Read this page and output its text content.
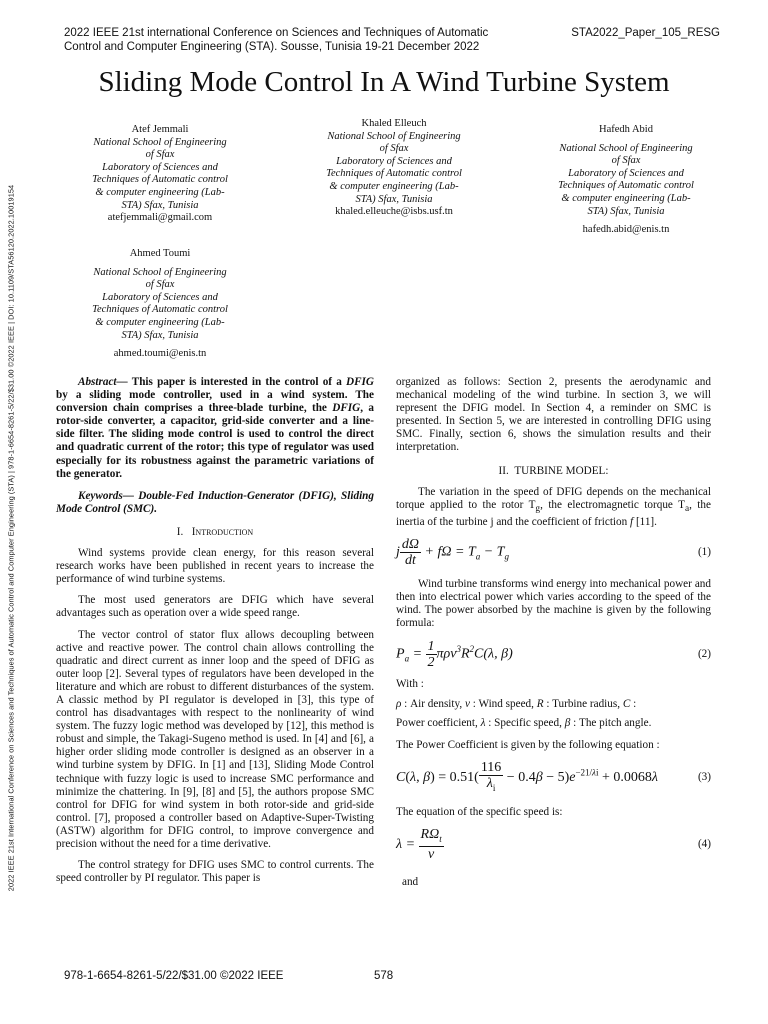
2022 IEEE 21st international Conference on Sciences and Techniques of Automatic
Control and Computer Engineering (STA). Sousse, Tunisia 19-21 December 2022
STA2022_Paper_105_RESG
Sliding Mode Control In A Wind Turbine System
2022 IEEE 21st International Conference on Sciences and Techniques of Automatic Control and Computer Engineering (STA) | 978-1-6654-8261-5/22/$31.00 ©2022 IEEE | DOI: 10.1109/STA56120.2022.10019154
Atef Jemmali
National School of Engineering
of Sfax
Laboratory of Sciences and
Techniques of Automatic control
& computer engineering (Lab-
STA) Sfax, Tunisia
atefjemmali@gmail.com
Khaled Elleuch
National School of Engineering
of Sfax
Laboratory of Sciences and
Techniques of Automatic control
& computer engineering (Lab-
STA) Sfax, Tunisia
khaled.elleuche@isbs.usf.tn
Hafedh Abid
National School of Engineering
of Sfax
Laboratory of Sciences and
Techniques of Automatic control
& computer engineering (Lab-
STA) Sfax, Tunisia
hafedh.abid@enis.tn
Ahmed Toumi
National School of Engineering
of Sfax
Laboratory of Sciences and
Techniques of Automatic control
& computer engineering (Lab-
STA) Sfax, Tunisia
ahmed.toumi@enis.tn

Abstract— This paper is interested in the control of a DFIG by a sliding mode controller, used in a wind system. The conversion chain comprises a three-blade turbine, the DFIG, a rotor-side converter, a capacitor, grid-side converter and a line-side filter. The sliding mode control is used to control the direct and quadratic current of the rotor; this type of regulator was used especially for its robustness against the parametric variations of the generator.

Keywords— Double-Fed Induction-Generator (DFIG), Sliding Mode Control (SMC).

I. Introduction

Wind systems provide clean energy, for this reason several research works have been published in recent years to increase the performance of wind turbine systems.

The most used generators are DFIG which have several advantages such as operation over a wide speed range.

The vector control of stator flux allows decoupling between active and reactive power. The control chain allows controlling the quadratic and direct current as inner loop and the speed of DFIG as outer loop [2]. Several types of regulators have been developed in the literature and which are robust to different disturbances of the system. A classic method by PI regulator is developed in [3], this type of control has disadvantages with respect to the nonlinearity of wind system. The fuzzy logic method was developed by [12], this method is robust and simple, the Takagi-Sugeno method is used. In [4] and [6], a higher order sliding mode controller is designed as an observer in a wind turbine system by DFIG. In [1] and [13], Sliding Mode Control technique with fuzzy logic is used to increase SMC performance and minimize the chattering. In [9], [8] and [5], the authors propose SMC control for DFIG for wind system in both rotor-side and grid-side control. [7], proposed a controller based on Adaptive-Super-Twisting (ASTW) algorithm for DFIG control, to improve convergence and precision without the need for a time derivative.

The control strategy for DFIG uses SMC to control currents. The speed controller by PI regulator. This paper is

organized as follows: Section 2, presents the aerodynamic and mechanical modeling of the wind turbine. In section 3, we will represent the DFIG model. In Section 4, a reminder on SMC is presented. In Section 5, we are interested in controlling DFIG using SMC. Finally, section 6, shows the simulation results and their interpretation.

II. TURBINE MODEL:

The variation in the speed of DFIG depends on the mechanical torque applied to the rotor $T_g$, the electromagnetic torque $T_a$, the inertia of the turbine j and the coefficient of friction f [11].

j $\frac{d\Omega}{dt} + f\Omega = T_a - T_g$	(1)

Wind turbine transforms wind energy into mechanical power and then into electrical power which varies according to the speed of the wind. The power absorbed by the machine is given by the following formula:

$P_a = \frac{1}{2} \pi\rho v^3R^2C(\lambda$, β)	(2)

With :

ρ : Air density, v : Wind speed, R : Turbine radius, C :
Power coefficient, λ : Specific speed, β : The pitch angle.

The Power Coefficient is given by the following equation :

C(λ, $\beta) = 0.51( \frac{116}{\lambda_i} - 0.4\beta - 5)e^{-21/\lambda i} + 0.0068\lambda$	(3)

The equation of the specific speed is:

$\lambda = \frac{R\Omega_t}{v}$	(4)

and

978-1-6654-8261-5/22/$31.00 ©2022 IEEE	578
